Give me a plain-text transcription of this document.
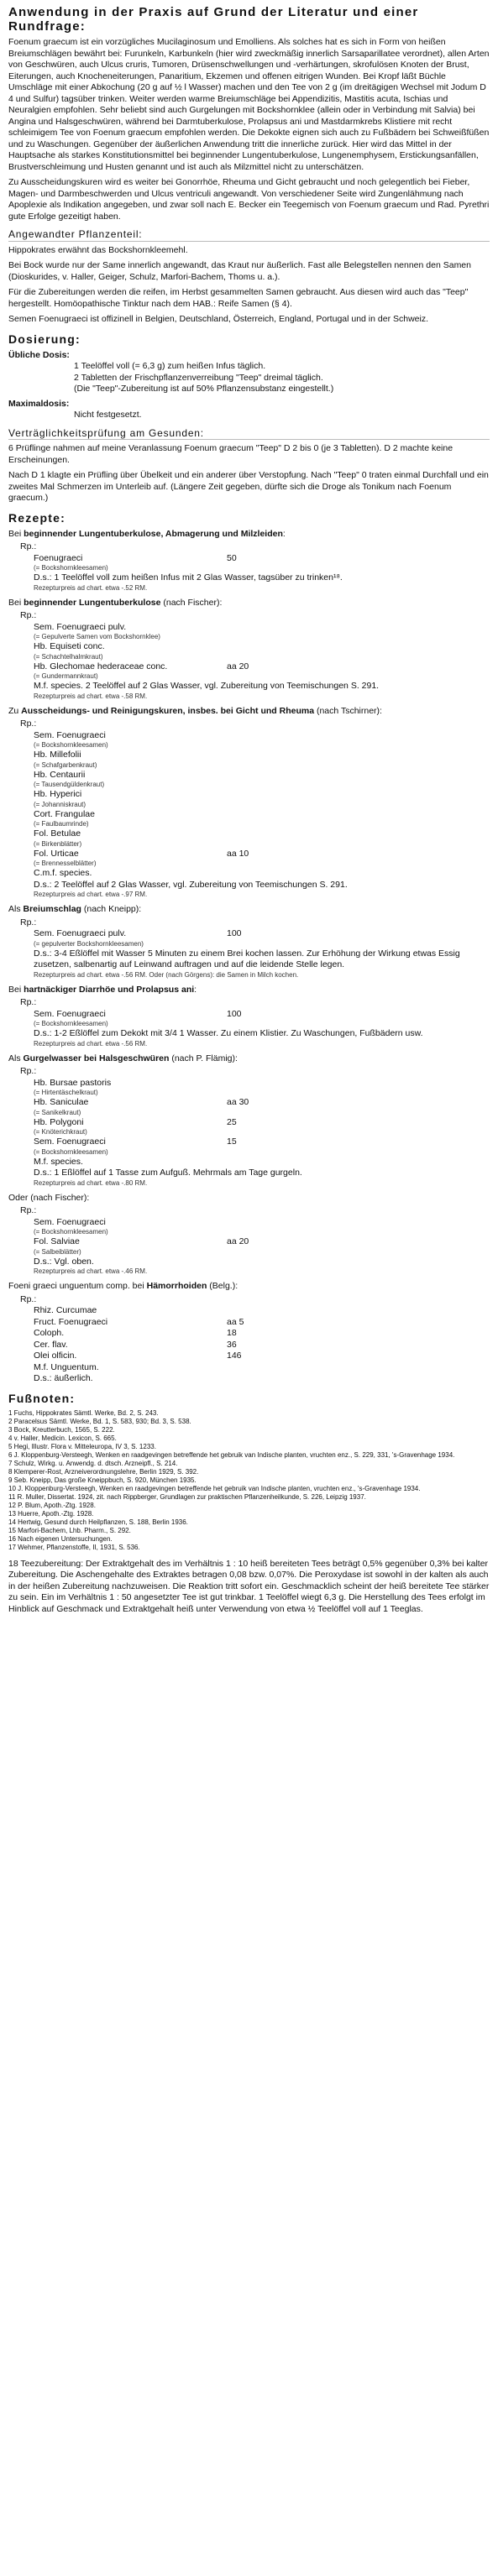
Anwendung in der Praxis auf Grund der Literatur und einer Rundfrage:

Foenum graecum ist ein vorzügliches Mucilaginosum und Emolliens. Als solches hat es sich in Form von heißen Breiumschlägen bewährt bei: Furunkeln, Karbunkeln (hier wird zweckmäßig innerlich Sarsaparillatee verordnet), allen Arten von Geschwüren, auch Ulcus cruris, Tumoren, Drüsenschwellungen und -verhärtungen, skrofulösen Knoten der Brust, Eiterungen, auch Knocheneiterungen, Panaritium, Ekzemen und offenen eitrigen Wunden. Bei Kropf läßt Büchle Umschläge mit einer Abkochung (20 g auf ½ l Wasser) machen und den Tee von 2 g (im dreitägigen Wechsel mit Jodum D 4 und Sulfur) tagsüber trinken. Weiter werden warme Breiumschläge bei Appendizitis, Mastitis acuta, Ischias und Neuralgien empfohlen. Sehr beliebt sind auch Gurgelungen mit Bockshornklee (allein oder in Verbindung mit Salvia) bei Angina und Halsgeschwüren, während bei Darmtuberkulose, Prolapsus ani und Mastdarmkrebs Klistiere mit recht schleimigem Tee von Foenum graecum empfohlen werden. Die Dekokte eignen sich auch zu Fußbädern bei Schweißfüßen und zu Waschungen. Gegenüber der äußerlichen Anwendung tritt die innerliche zurück. Hier wird das Mittel in der Hauptsache als starkes Konstitutionsmittel bei beginnender Lungentuberkulose, Lungenemphysem, Erstickungsanfällen, Brustverschleimung und Husten genannt und ist auch als Milzmittel nicht zu unterschätzen.

Zu Ausscheidungskuren wird es weiter bei Gonorrhöe, Rheuma und Gicht gebraucht und noch gelegentlich bei Fieber, Magen- und Darmbeschwerden und Ulcus ventriculi angewandt. Von verschiedener Seite wird Zungenlähmung nach Apoplexie als Indikation angegeben, und zwar soll nach E. Becker ein Teegemisch von Foenum graecum und Rad. Pyrethri gute Erfolge gezeitigt haben.

Angewandter Pflanzenteil:

Hippokrates erwähnt das Bockshornkleemehl.

Bei Bock wurde nur der Same innerlich angewandt, das Kraut nur äußerlich. Fast alle Belegstellen nennen den Samen (Dioskurides, v. Haller, Geiger, Schulz, Marfori-Bachem, Thoms u. a.).

Für die Zubereitungen werden die reifen, im Herbst gesammelten Samen gebraucht. Aus diesen wird auch das "Teep" hergestellt. Homöopathische Tinktur nach dem HAB.: Reife Samen (§ 4).

Semen Foenugraeci ist offizinell in Belgien, Deutschland, Österreich, England, Portugal und in der Schweiz.

Dosierung:
Übliche Dosis:
1 Teelöffel voll (= 6,3 g) zum heißen Infus täglich.
2 Tabletten der Frischpflanzenverreibung "Teep" dreimal täglich.
(Die "Teep"-Zubereitung ist auf 50% Pflanzensubstanz eingestellt.)
Maximaldosis:
Nicht festgesetzt.
Verträglichkeitsprüfung am Gesunden:

6 Prüflinge nahmen auf meine Veranlassung Foenum graecum "Teep" D 2 bis 0 (je 3 Tabletten). D 2 machte keine Erscheinungen.

Nach D 1 klagte ein Prüfling über Übelkeit und ein anderer über Verstopfung. Nach "Teep" 0 traten einmal Durchfall und ein zweites Mal Schmerzen im Unterleib auf. (Längere Zeit gegeben, dürfte sich die Droge als Tonikum nach Foenum graecum.)

Rezepte:
Bei beginnender Lungentuberkulose, Abmagerung und Milzleiden:
Rp.:
Foenugraeci	50
(= Bockshornkleesamen)
D.s.: 1 Teelöffel voll zum heißen Infus mit 2 Glas Wasser, tagsüber zu trinken¹⁸.
Rezepturpreis ad chart. etwa -.52 RM.
Bei beginnender Lungentuberkulose (nach Fischer):
Rp.:
Sem. Foenugraeci pulv.
(= Gepulverte Samen vom Bockshornklee)
Hb. Equiseti conc.
(= Schachtelhalmkraut)
Hb. Glechomae hederaceae conc.	aa 20
(= Gundermannkraut)
M.f. species. 2 Teelöffel auf 2 Glas Wasser, vgl. Zubereitung von Teemischungen S. 291.
Rezepturpreis ad chart. etwa -.58 RM.
Zu Ausscheidungs- und Reinigungskuren, insbes. bei Gicht und Rheuma (nach Tschirner):
Rp.:
Sem. Foenugraeci
(= Bockshornkleesamen)
Hb. Millefolii
(= Schafgarbenkraut)
Hb. Centaurii
(= Tausendgüldenkraut)
Hb. Hyperici
(= Johanniskraut)
Cort. Frangulae
(= Faulbaumrinde)
Fol. Betulae
(= Birkenblätter)
Fol. Urticae	aa 10
(= Brennesselblätter)
C.m.f. species.
D.s.: 2 Teelöffel auf 2 Glas Wasser, vgl. Zubereitung von Teemischungen S. 291.
Rezepturpreis ad chart. etwa -.97 RM.
Als Breiumschlag (nach Kneipp):
Rp.:
Sem. Foenugraeci pulv.	100
(= gepulverter Bockshornkleesamen)
D.s.: 3-4 Eßlöffel mit Wasser 5 Minuten zu einem Brei kochen lassen. Zur Erhöhung der Wirkung etwas Essig zusetzen, salbenartig auf Leinwand auftragen und auf die leidende Stelle legen.
Rezepturpreis ad chart. etwa -.56 RM. Oder (nach Görgens): die Samen in Milch kochen.
Bei hartnäckiger Diarrhöe und Prolapsus ani:
Rp.:
Sem. Foenugraeci	100
(= Bockshornkleesamen)
D.s.: 1-2 Eßlöffel zum Dekokt mit 3/4 1 Wasser. Zu einem Klistier. Zu Waschungen, Fußbädern usw.
Rezepturpreis ad chart. etwa -.56 RM.
Als Gurgelwasser bei Halsgeschwüren (nach P. Flämig):
Rp.:
Hb. Bursae pastoris
(= Hirtentäschelkraut)
Hb. Saniculae	aa 30
(= Sanikelkraut)
Hb. Polygoni	25
(= Knöterichkraut)
Sem. Foenugraeci	15
(= Bockshornkleesamen)
M.f. species.
D.s.: 1 Eßlöffel auf 1 Tasse zum Aufguß. Mehrmals am Tage gurgeln.
Rezepturpreis ad chart. etwa -.80 RM.
Oder (nach Fischer):
Rp.:
Sem. Foenugraeci
(= Bockshornkleesamen)
Fol. Salviae	aa 20
(= Salbeiblätter)
D.s.: Vgl. oben.
Rezepturpreis ad chart. etwa -.46 RM.
Foeni graeci unguentum comp. bei Hämorrhoiden (Belg.):
Rp.:
Rhiz. Curcumae
Fruct. Foenugraeci	aa 5
Coloph.	18
Cer. flav.	36
Olei olficin.	146
M.f. Unguentum.
D.s.: äußerlich.
Fußnoten:
1 Fuchs, Hippokrates Sämtl. Werke, Bd. 2, S. 243.
2 Paracelsus Sämtl. Werke, Bd. 1, S. 583, 930; Bd. 3, S. 538.
3 Bock, Kreutterbuch, 1565, S. 222.
4 v. Haller, Medicin. Lexicon, S. 665.
5 Hegi, Illustr. Flora v. Mitteleuropa, IV 3, S. 1233.
6 J. Kloppenburg-Versteegh, Wenken en raadgevingen betreffende het gebruik van Indische planten, vruchten enz., S. 229, 331, 's-Gravenhage 1934.
7 Schulz, Wirkg. u. Anwendg. d. dtsch. Arzneipfl., S. 214.
8 Klemperer-Rost, Arzneiverordnungslehre, Berlin 1929, S. 392.
9 Seb. Kneipp, Das große Kneippbuch, S. 920, München 1935.
10 J. Kloppenburg-Versteegh, Wenken en raadgevingen betreffende het gebruik van Indische planten, vruchten enz., 's-Gravenhage 1934.
11 R. Muller, Dissertat. 1924, zit. nach Rippberger, Grundlagen zur praktischen Pflanzenheilkunde, S. 226, Leipzig 1937.
12 P. Blum, Apoth.-Ztg. 1928.
13 Huerre, Apoth.-Ztg. 1928.
14 Hertwig, Gesund durch Heilpflanzen, S. 188, Berlin 1936.
15 Marfori-Bachem, Lhb. Pharm., S. 292.
16 Nach eigenen Untersuchungen.
17 Wehmer, Pflanzenstoffe, II, 1931, S. 536.

18 Teezubereitung: Der Extraktgehalt des im Verhältnis 1 : 10 heiß bereiteten Tees beträgt 0,5% gegenüber 0,3% bei kalter Zubereitung. Die Aschengehalte des Extraktes betragen 0,08 bzw. 0,07%. Die Peroxydase ist sowohl in der kalten als auch in der heißen Zubereitung nachzuweisen. Die Reaktion tritt sofort ein. Geschmacklich scheint der heiß bereitete Tee stärker zu sein. Ein im Verhältnis 1 : 50 angesetzter Tee ist gut trinkbar. 1 Teelöffel wiegt 6,3 g. Die Herstellung des Tees erfolgt im Hinblick auf Geschmack und Extraktgehalt heiß unter Verwendung von etwa ½ Teelöffel voll auf 1 Teeglas.
